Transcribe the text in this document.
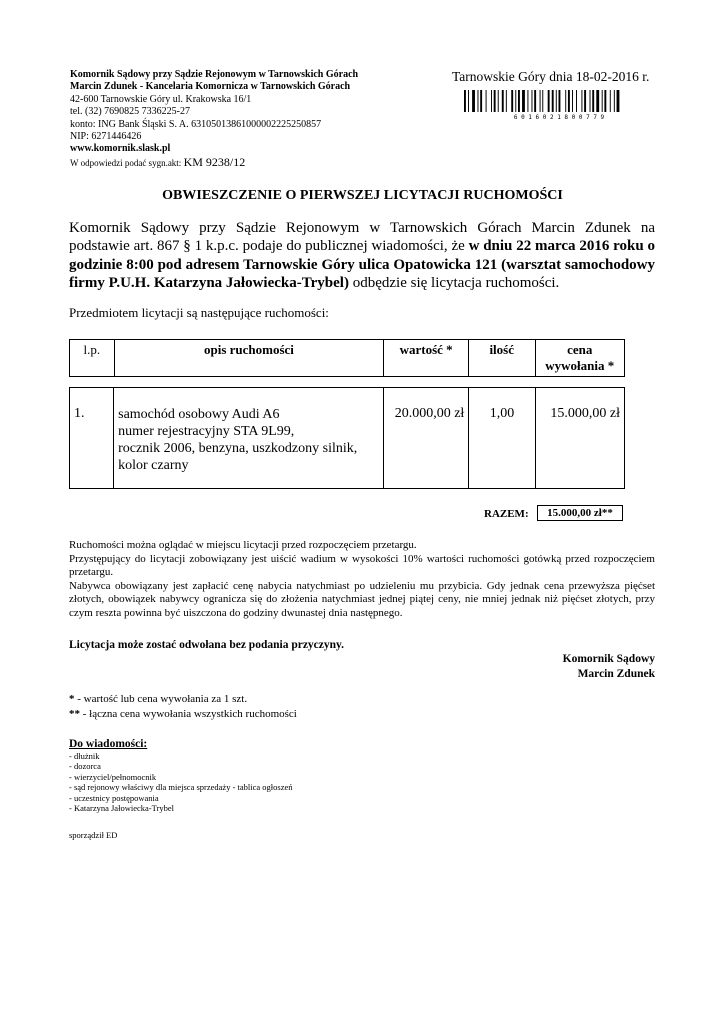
Komornik Sądowy przy Sądzie Rejonowym w Tarnowskich Górach
Marcin Zdunek - Kancelaria Komornicza w Tarnowskich Górach
42-600 Tarnowskie Góry ul. Krakowska 16/1
tel. (32) 7690825 7336225-27
konto: ING Bank Śląski S. A. 63105013861000002225250857
NIP: 6271446426
www.komornik.slask.pl
W odpowiedzi podać sygn.akt: KM 9238/12
Tarnowskie Góry dnia 18-02-2016 r.
6 0 1 6 0 2 1 8 0 0 7 7 9
OBWIESZCZENIE O PIERWSZEJ LICYTACJI RUCHOMOŚCI
Komornik Sądowy przy Sądzie Rejonowym w Tarnowskich Górach Marcin Zdunek na podstawie art. 867 § 1 k.p.c. podaje do publicznej wiadomości, że w dniu 22 marca 2016 roku o godzinie 8:00 pod adresem Tarnowskie Góry ulica Opatowicka 121 (warsztat samochodowy firmy P.U.H. Katarzyna Jałowiecka-Trybel) odbędzie się licytacja ruchomości.
Przedmiotem licytacji są następujące ruchomości:
l.p.	opis ruchomości	wartość *	ilość	cena
wywołania *
1.	samochód osobowy Audi A6
numer rejestracyjny STA 9L99,
rocznik 2006, benzyna, uszkodzony silnik,
kolor czarny
	20.000,00 zł	1,00	15.000,00 zł
RAZEM:	15.000,00 zł**

Ruchomości można oglądać w miejscu licytacji przed rozpoczęciem przetargu.

Przystępujący do licytacji zobowiązany jest uiścić wadium w wysokości 10% wartości ruchomości gotówką przed rozpoczęciem przetargu.

Nabywca obowiązany jest zapłacić cenę nabycia natychmiast po udzieleniu mu przybicia. Gdy jednak cena przewyższa pięćset złotych, obowiązek nabywcy ogranicza się do złożenia natychmiast jednej piątej ceny, nie mniej jednak niż pięćset złotych, przy czym reszta powinna być uiszczona do godziny dwunastej dnia następnego.

Licytacja może zostać odwołana bez podania przyczyny.
Komornik Sądowy
Marcin Zdunek
* - wartość lub cena wywołania za 1 szt.
** - łączna cena wywołania wszystkich ruchomości
Do wiadomości:
- dłużnik
- dozorca
- wierzyciel/pełnomocnik
- sąd rejonowy właściwy dla miejsca sprzedaży - tablica ogłoszeń
- uczestnicy postępowania
- Katarzyna Jałowiecka-Trybel
sporządził ED
